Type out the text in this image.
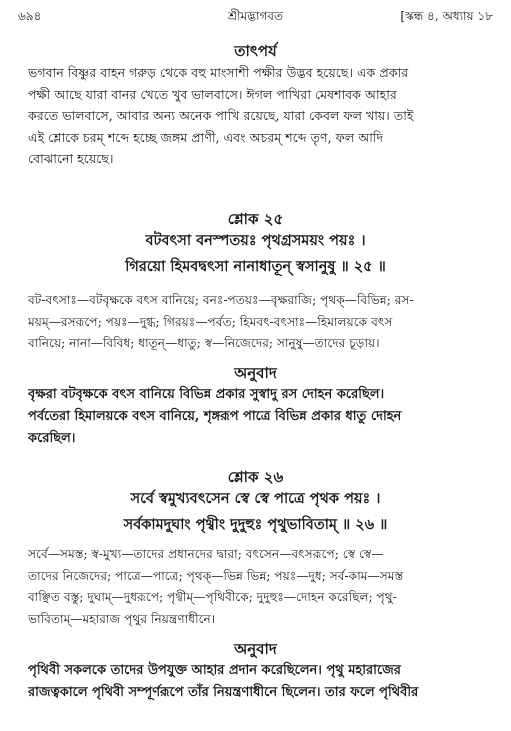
৬৯৪	শ্রীমদ্ভাগবত	[স্কন্ধ ৪, অধ্যায় ১৮
তাৎপর্য
ভগবান বিষ্ণুর বাহন গরুড় থেকে বহু মাংসাশী পক্ষীর উদ্ভব হয়েছে। এক প্রকার
পক্ষী আছে যারা বানর খেতে খুব ভালবাসে। ঈগল পাখিরা মেষশাবক আহার
করতে ভালবাসে, আবার অন্য অনেক পাখি রয়েছে, যারা কেবল ফল খায়। তাই
এই শ্লোকে চরম্ শব্দে হচ্ছে জঙ্গম প্রাণী, এবং অচরম্ শব্দে তৃণ, ফল আদি
বোঝানো হয়েছে।
শ্লোক ২৫
বটবৎসা বনস্পতয়ঃ পৃথগ্রসময়ং পয়ঃ ।
গিরয়ো হিমবদ্বৎসা নানাধাতূন্ স্বসানুষু ॥ ২৫ ॥
বট-বৎসাঃ—বটবৃক্ষকে বৎস বানিয়ে; বনঃ-পতয়ঃ—বৃক্ষরাজি; পৃথক্—বিভিন্ন; রস-
ময়ম্—রসরূপে; পয়ঃ—দুগ্ধ; গিরয়ঃ—পর্বত; হিমবৎ-বৎসাঃ—হিমালয়কে বৎস
বানিয়ে; নানা—বিবিধ; ধাতূন্—ধাতু; স্ব—নিজেদের; সানুষু—তাদের চূড়ায়।
অনুবাদ
বৃক্ষরা বটবৃক্ষকে বৎস বানিয়ে বিভিন্ন প্রকার সুস্বাদু রস দোহন করেছিল।
পর্বতেরা হিমালয়কে বৎস বানিয়ে, শৃঙ্গরূপ পাত্রে বিভিন্ন প্রকার ধাতু দোহন
করেছিল।
শ্লোক ২৬
সর্বে স্বমুখ্যবৎসেন স্বে স্বে পাত্রে পৃথক পয়ঃ ।
সর্বকামদুঘাং পৃথ্বীং দুদুহুঃ পৃথুভাবিতাম্ ॥ ২৬ ॥
সর্বে—সমস্ত; স্ব-মুখ্য—তাদের প্রধানদের দ্বারা; বৎসেন—বৎসরূপে; স্বে স্বে—
তাদের নিজেদের; পাত্রে—পাত্রে; পৃথক্—ভিন্ন ভিন্ন; পয়ঃ—দুধ; সর্ব-কাম—সমস্ত
বাঞ্ছিত বস্তু; দুঘাম্—দুধরূপে; পৃথ্বীম্—পৃথিবীকে; দুদুহুঃ—দোহন করেছিল; পৃথু-
ভাবিতাম্—মহারাজ পৃথুর নিয়ন্ত্রণাধীনে।
অনুবাদ
পৃথিবী সকলকে তাদের উপযুক্ত আহার প্রদান করেছিলেন। পৃথু মহারাজের
রাজত্বকালে পৃথিবী সম্পূর্ণরূপে তাঁর নিয়ন্ত্রণাধীনে ছিলেন। তার ফলে পৃথিবীর
